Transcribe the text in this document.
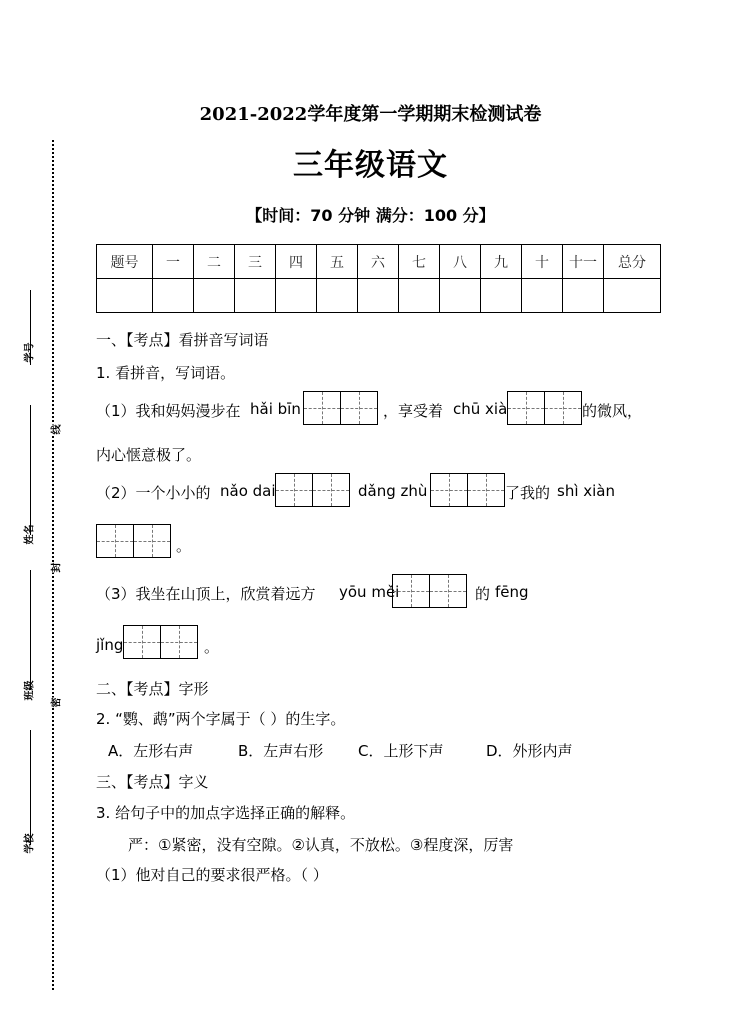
学号
姓名
班级
学校
线
封
密
2021-2022学年度第一学期期末检测试卷
三年级语文
【时间：70 分钟 满分：100 分】
题号	一	二	三	四	五	六	七	八	九	十	十一	总分

一、【考点】看拼音写词语
1. 看拼音，写词语。
（1）我和妈妈漫步在 hǎi bīn	，享受着 chū xià	的微风，
内心惬意极了。
（2）一个小小的 nǎo dai	dǎng zhù	了我的 shì xiàn
。
（3）我坐在山顶上，欣赏着远方 yōu měi	的 fēng
jǐng	。
二、【考点】字形
2. “鹦、鹉”两个字属于（ ）的生字。
A．左形右声	B．左声右形 C．上形下声	D．外形内声
三、【考点】字义
3. 给句子中的加点字选择正确的解释。
严：①紧密，没有空隙。②认真，不放松。③程度深，厉害
（1）他对自己的要求很严格。（ ）
